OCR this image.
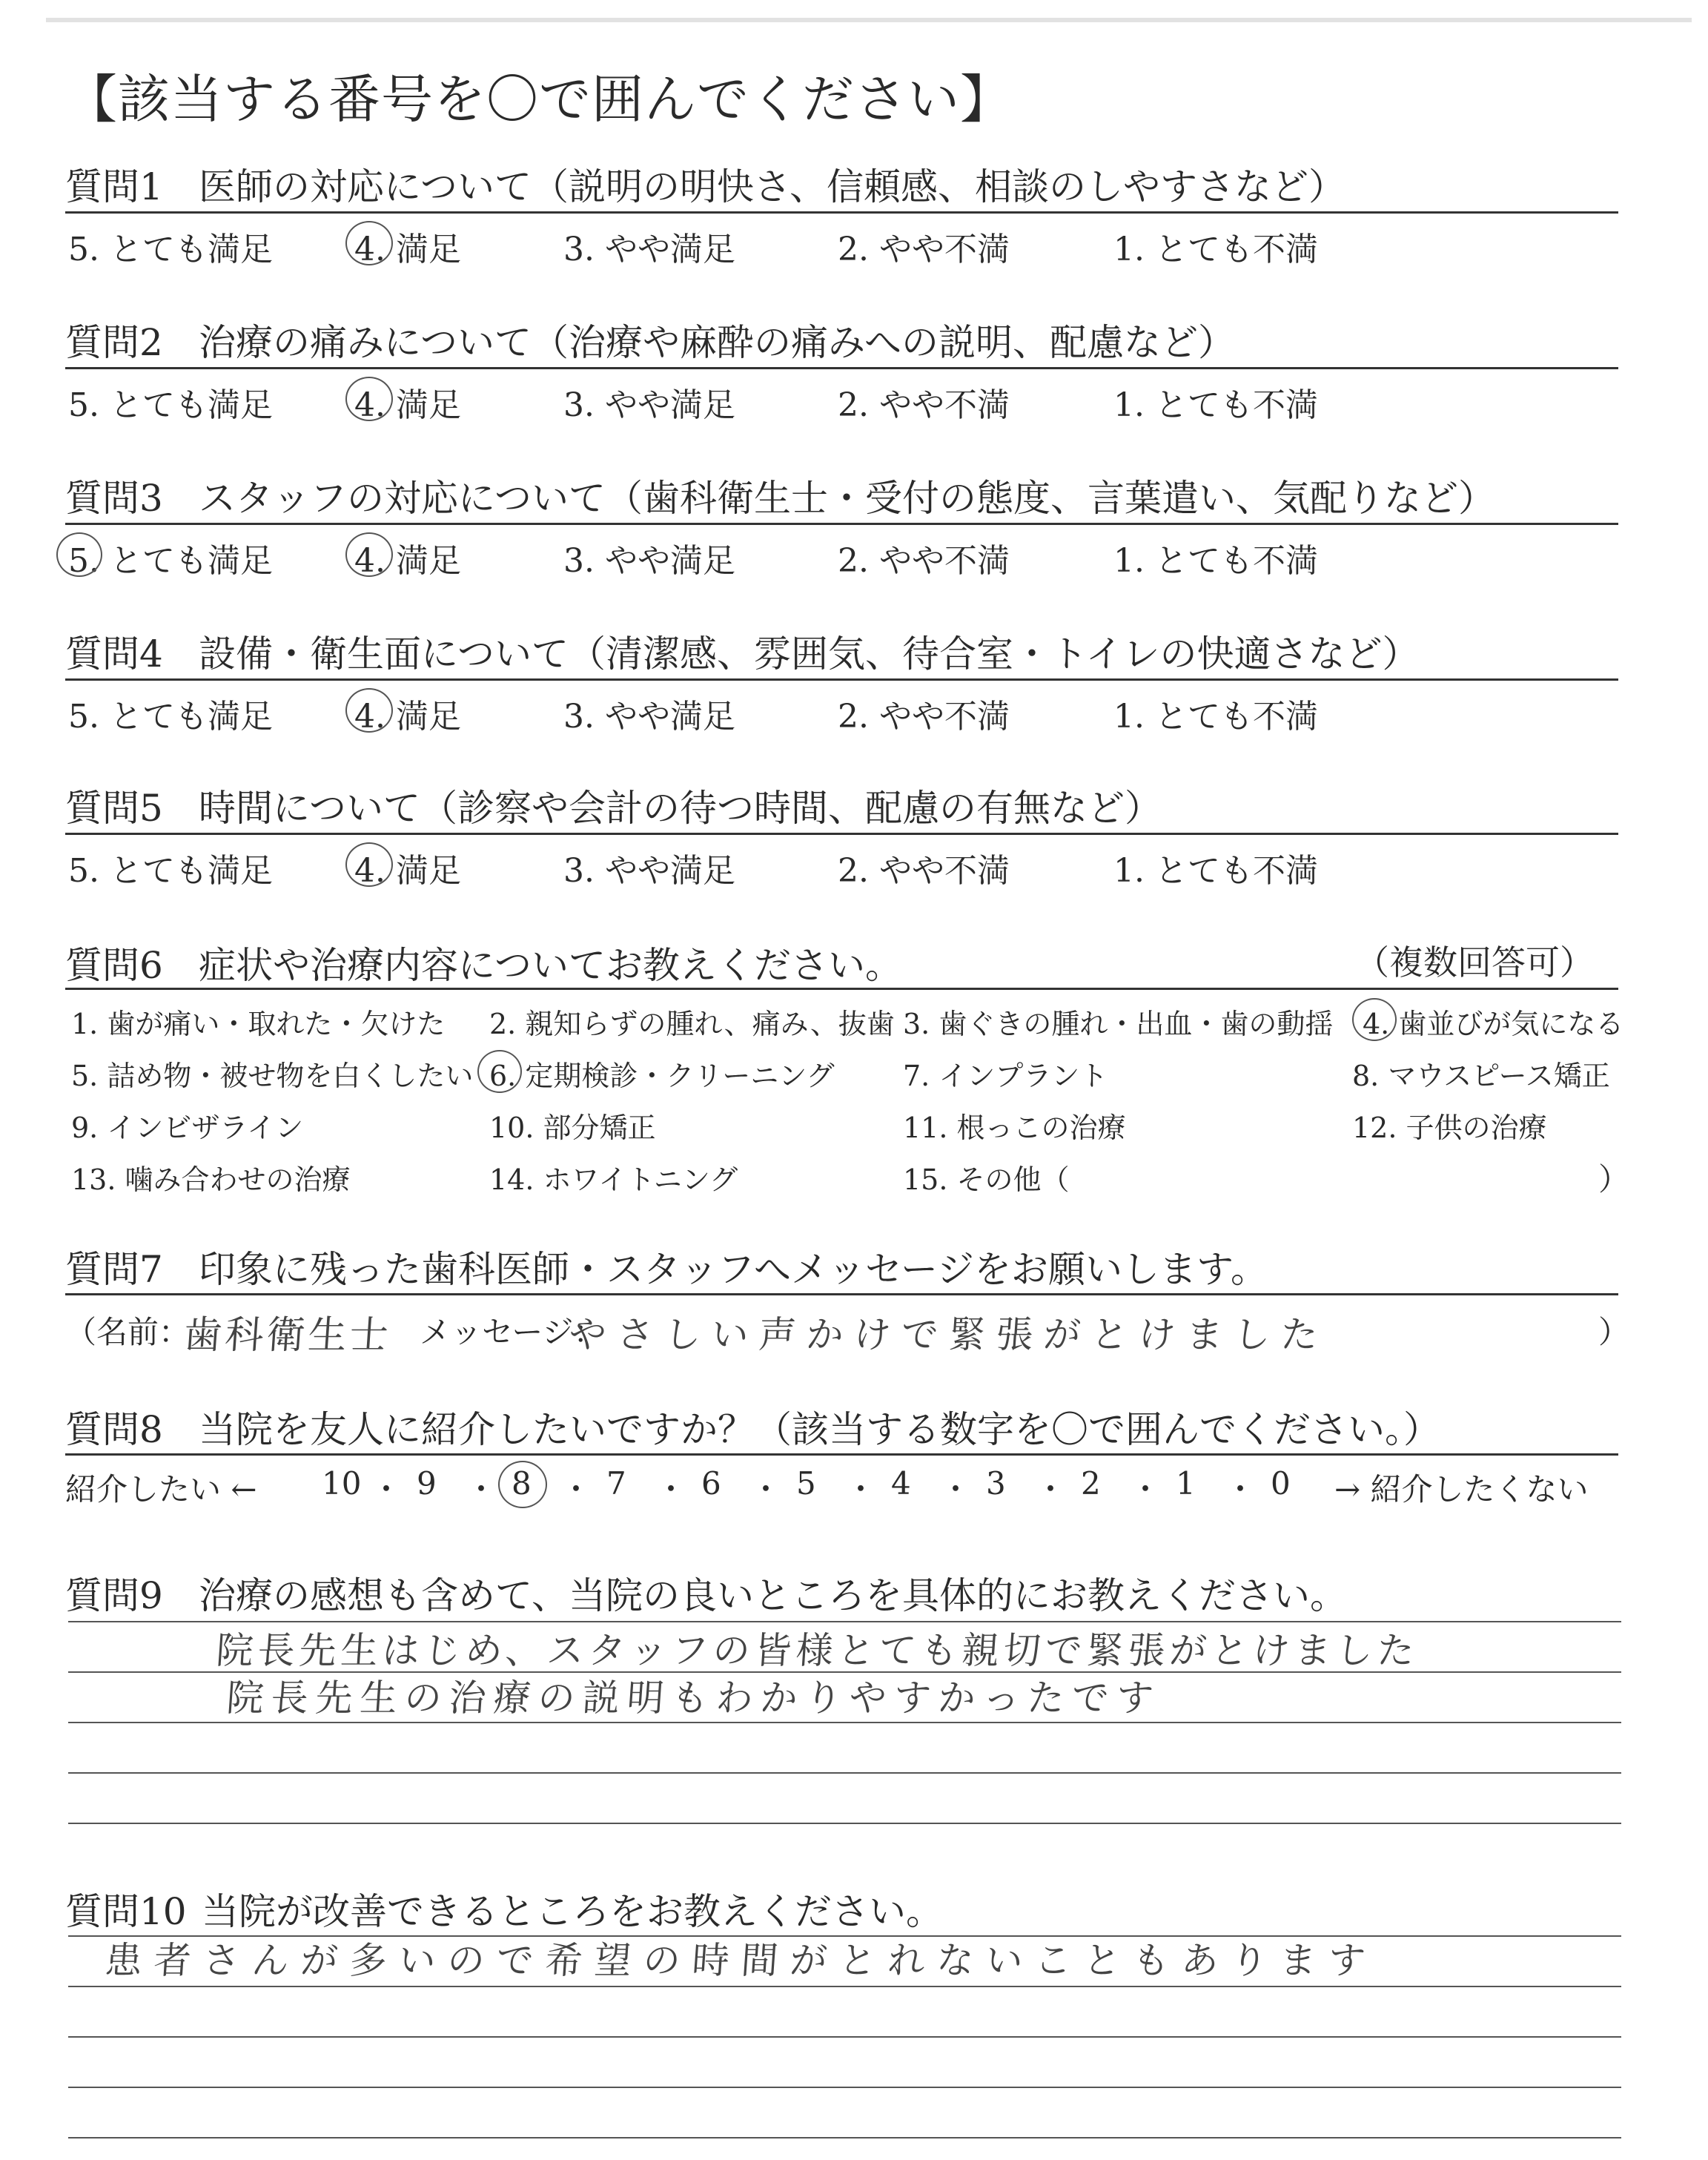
【該当する番号を〇で囲んでください】
質問1 医師の対応について（説明の明快さ、信頼感、相談のしやすさなど）
5. とても満足	4. 満足	3. やや満足	2. やや不満	1. とても不満
質問2 治療の痛みについて（治療や麻酔の痛みへの説明、配慮など）
5. とても満足	4. 満足	3. やや満足	2. やや不満	1. とても不満
質問3 スタッフの対応について（歯科衛生士・受付の態度、言葉遣い、気配りなど）
5. とても満足	4. 満足	3. やや満足	2. やや不満	1. とても不満
質問4 設備・衛生面について（清潔感、雰囲気、待合室・トイレの快適さなど）
5. とても満足	4. 満足	3. やや満足	2. やや不満	1. とても不満
質問5 時間について（診察や会計の待つ時間、配慮の有無など）
5. とても満足	4. 満足	3. やや満足	2. やや不満	1. とても不満
質問6 症状や治療内容についてお教えください。	（複数回答可）
1. 歯が痛い・取れた・欠けた 2. 親知らずの腫れ、痛み、抜歯 3. 歯ぐきの腫れ・出血・歯の動揺 4. 歯並びが気になる
5. 詰め物・被せ物を白くしたい 6. 定期検診・クリーニング 7. インプラント	8. マウスピース矯正
9. インビザライン	10. 部分矯正	11. 根っこの治療	12. 子供の治療
13. 噛み合わせの治療	14. ホワイトニング	15. その他（	）
質問7 印象に残った歯科医師・スタッフへメッセージをお願いします。
（名前：
歯科衛生士 メッセージ：
やさしい声かけで緊張がとけました	）
質問8 当院を友人に紹介したいですか？（該当する数字を〇で囲んでください。）
紹介したい ← 10 ・ 9 ・ 8 ・ 7 ・ 6 ・ 5 ・ 4 ・ 3 ・ 2 ・ 1 ・ 0 → 紹介したくない
質問9 治療の感想も含めて、当院の良いところを具体的にお教えください。
院長先生はじめ、スタッフの皆様とても親切で緊張がとけました
院長先生の治療の説明もわかりやすかったです
質問10 当院が改善できるところをお教えください。
患者さんが多いので希望の時間がとれないこともあります
